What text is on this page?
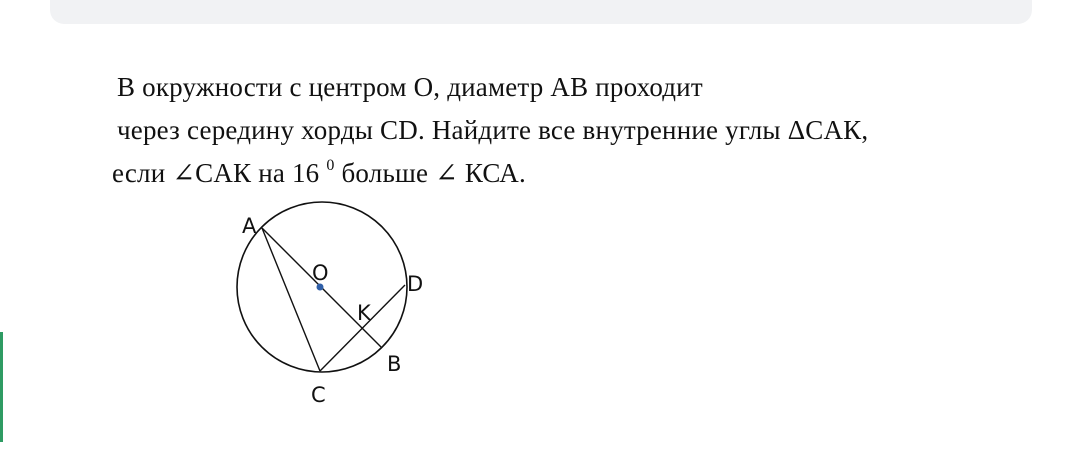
В окружности с центром О, диаметр АВ проходит
через середину хорды CD. Найдите все внутренние углы ΔCАК,
если ∠CАК на 16 $^0$ больше ∠ КСА.
A
O	D
K
B
C
